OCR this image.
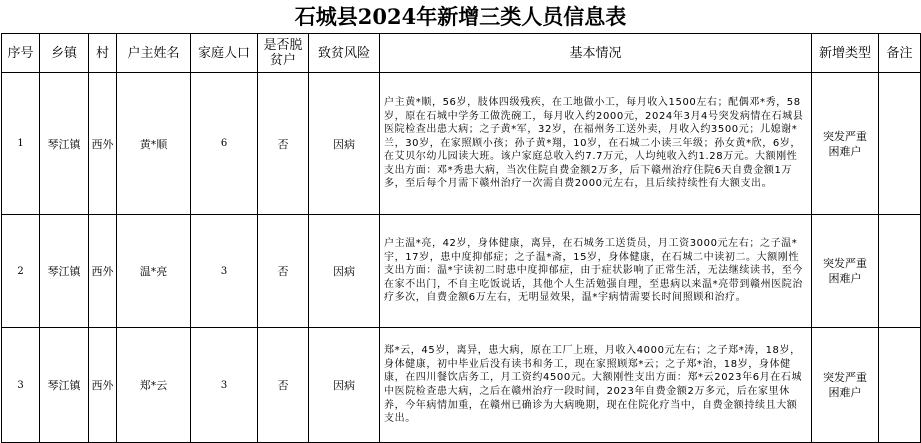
石城县2024年新增三类人员信息表
序号	乡镇	村	户主姓名	家庭人口	是否脱贫户	致贫风险	基本情况	新增类型	备注
1	琴江镇	西外	黄*顺	6	否	因病	户主黄*顺，56岁，肢体四级残疾，在工地做小工，每月收入1500左右；配偶邓*秀，58岁，原在石城中学务工做洗碗工，每月收入约2000元，2024年3月4号突发病情在石城县医院检查出患大病；之子黄*军，32岁，在福州务工送外卖，月收入约3500元；儿媳谢*兰，30岁，在家照顾小孩；孙子黄*翔，10岁，在石城二小读三年级；孙女黄*欣，6岁，在艾贝尔幼儿园读大班。该户家庭总收入约7.7万元，人均纯收入约1.28万元。大额刚性支出方面：邓*秀患大病，当次住院自费金额2万多，后下赣州治疗住院6天自费金额1万多，至后每个月需下赣州治疗一次需自费2000元左右，且后续持续性有大额支出。	突发严重困难户	
2	琴江镇	西外	温*亮	3	否	因病	户主温*亮，42岁，身体健康，离异，在石城务工送货员，月工资3000元左右；之子温*宇，17岁，患中度抑郁症；之子温*斋，15岁，身体健康，在石城二中读初二。大额刚性支出方面：温*宇读初二时患中度抑郁症，由于症状影响了正常生活，无法继续读书，至今在家不出门，不自主吃饭说话，其他个人生活勉强自理，至患病以来温*亮带到赣州医院治疗多次，自费金额6万左右，无明显效果，温*宇病情需要长时间照顾和治疗。	突发严重困难户	
3	琴江镇	西外	郑*云	3	否	因病	郑*云，45岁，离异，患大病，原在工厂上班，月收入4000元左右；之子郑*涛，18岁，身体健康，初中毕业后没有读书和务工，现在家照顾郑*云；之子郑*治，18岁，身体健康，在四川餐饮店务工，月工资约4500元。大额刚性支出方面：郑*云2023年6月在石城中医院检查患大病，之后在赣州治疗一段时间，2023年自费金额2万多元，后在家里休养，今年病情加重，在赣州已确诊为大病晚期，现在住院化疗当中，自费金额持续且大额支出。	突发严重困难户	
